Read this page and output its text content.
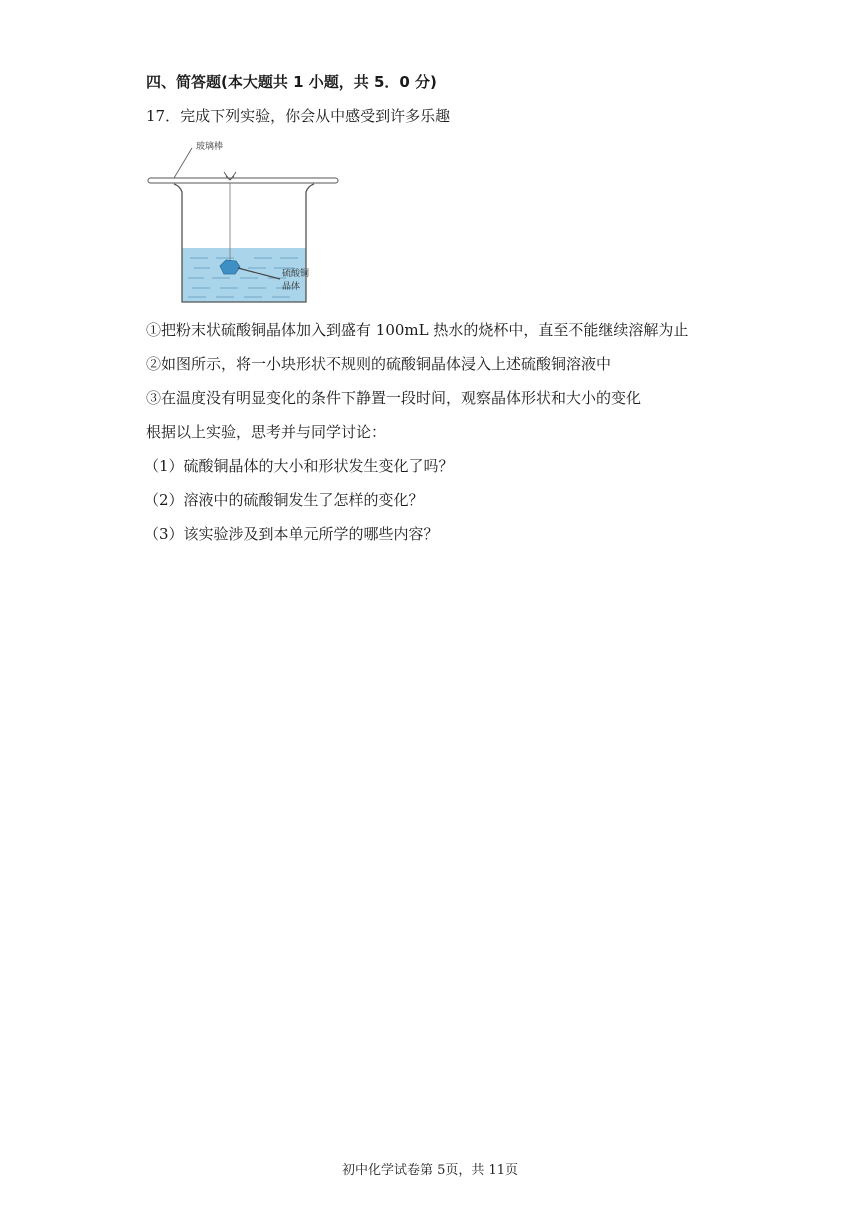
四、简答题(本大题共 1 小题，共 5．0 分)
17．完成下列实验，你会从中感受到许多乐趣
玻璃棒
硫酸铜
晶体
①把粉末状硫酸铜晶体加入到盛有 100mL 热水的烧杯中，直至不能继续溶解为止
②如图所示，将一小块形状不规则的硫酸铜晶体浸入上述硫酸铜溶液中
③在温度没有明显变化的条件下静置一段时间，观察晶体形状和大小的变化
根据以上实验，思考并与同学讨论：
（1）硫酸铜晶体的大小和形状发生变化了吗？
（2）溶液中的硫酸铜发生了怎样的变化？
（3）该实验涉及到本单元所学的哪些内容？
初中化学试卷第 5页，共 11页
